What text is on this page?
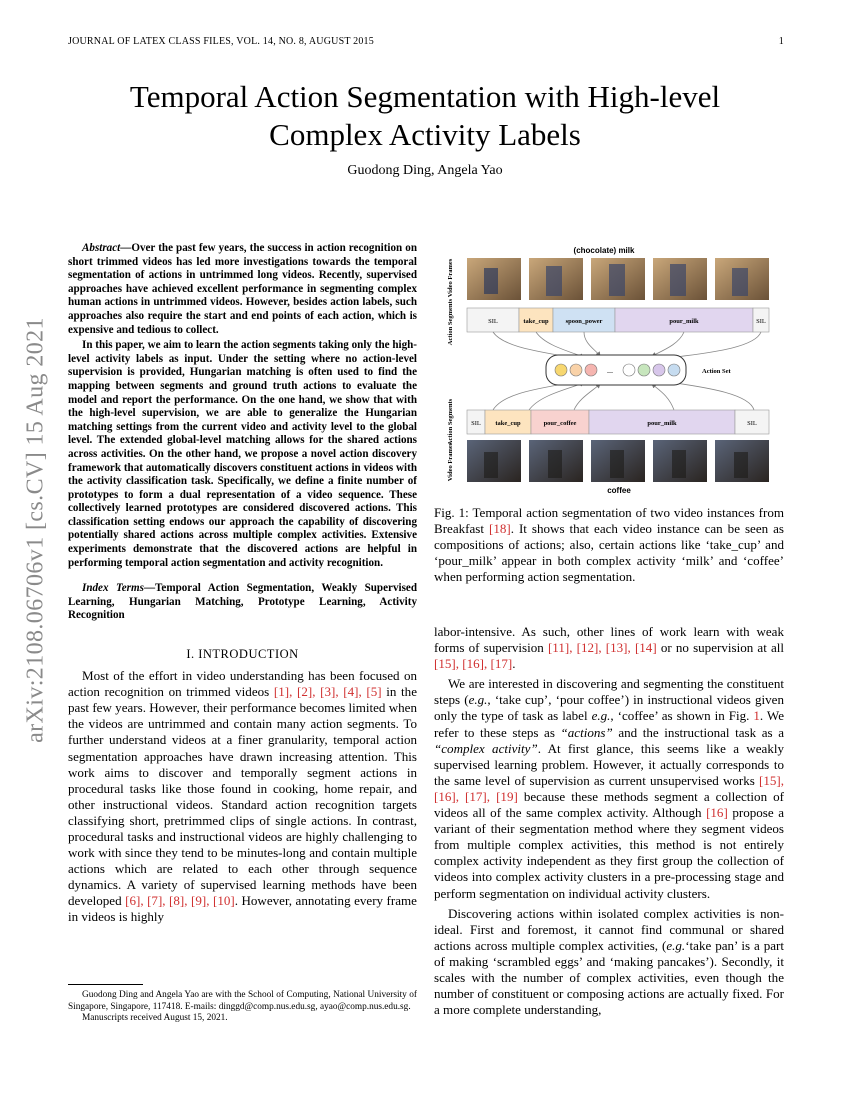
JOURNAL OF LATEX CLASS FILES, VOL. 14, NO. 8, AUGUST 2015	1
arXiv:2108.06706v1 [cs.CV] 15 Aug 2021
Temporal Action Segmentation with High-level
Complex Activity Labels
Guodong Ding, Angela Yao

Abstract—Over the past few years, the success in action recognition on short trimmed videos has led more investigations towards the temporal segmentation of actions in untrimmed long videos. Recently, supervised approaches have achieved excellent performance in segmenting complex human actions in untrimmed videos. However, besides action labels, such approaches also require the start and end points of each action, which is expensive and tedious to collect.

In this paper, we aim to learn the action segments taking only the high-level activity labels as input. Under the setting where no action-level supervision is provided, Hungarian matching is often used to find the mapping between segments and ground truth actions to evaluate the model and report the performance. On the one hand, we show that with the high-level supervision, we are able to generalize the Hungarian matching settings from the current video and activity level to the global level. The extended global-level matching allows for the shared actions across activities. On the other hand, we propose a novel action discovery framework that automatically discovers constituent actions in videos with the activity classification task. Specifically, we define a finite number of prototypes to form a dual representation of a video sequence. These collectively learned prototypes are considered discovered actions. This classification setting endows our approach the capability of discovering potentially shared actions across multiple complex activities. Extensive experiments demonstrate that the discovered actions are helpful in performing temporal action segmentation and activity recognition.

Index Terms—Temporal Action Segmentation, Weakly Supervised Learning, Hungarian Matching, Prototype Learning, Activity Recognition
I. INTRODUCTION

Most of the effort in video understanding has been focused on action recognition on trimmed videos [1], [2], [3], [4], [5] in the past few years. However, their performance becomes limited when the videos are untrimmed and contain many action segments. To further understand videos at a finer granularity, temporal action segmentation approaches have drawn increasing attention. This work aims to discover and temporally segment actions in procedural tasks like those found in cooking, home repair, and other instructional videos. Standard action recognition targets classifying short, pretrimmed clips of single actions. In contrast, procedural tasks and instructional videos are highly challenging to work with since they tend to be minutes-long and contain multiple actions which are related to each other through sequence dynamics. A variety of supervised learning methods have been developed [6], [7], [8], [9], [10]. However, annotating every frame in videos is highly

Guodong Ding and Angela Yao are with the School of Computing, National University of Singapore, Singapore, 117418. E-mails: dinggd@comp.nus.edu.sg, ayao@comp.nus.edu.sg.

Manuscripts received August 15, 2021.

(chocolate) milk
Video Frames
Action Segments	SIL	take_cup	spoon_power	pour_milk	SIL
...	Action Set
Action Segments
Video Frames
SIL take_cup	pour_coffee	pour_milk	SIL
coffee
Fig. 1: Temporal action segmentation of two video instances from Breakfast [18]. It shows that each video instance can be seen as compositions of actions; also, certain actions like ‘take_cup’ and ‘pour_milk’ appear in both complex activity ‘milk’ and ‘coffee’ when performing action segmentation.

labor-intensive. As such, other lines of work learn with weak forms of supervision [11], [12], [13], [14] or no supervision at all [15], [16], [17].

We are interested in discovering and segmenting the constituent steps (e.g., ‘take cup’, ‘pour coffee’) in instructional videos given only the type of task as label e.g., ‘coffee’ as shown in Fig. 1. We refer to these steps as “actions” and the instructional task as a “complex activity”. At first glance, this seems like a weakly supervised learning problem. However, it actually corresponds to the same level of supervision as current unsupervised works [15], [16], [17], [19] because these methods segment a collection of videos all of the same complex activity. Although [16] propose a variant of their segmentation method where they segment videos from multiple complex activities, this method is not entirely complex activity independent as they first group the collection of videos into complex activity clusters in a pre-processing stage and perform segmentation on individual activity clusters.

Discovering actions within isolated complex activities is non-ideal. First and foremost, it cannot find communal or shared actions across multiple complex activities, (e.g.‘take pan’ is a part of making ‘scrambled eggs’ and ‘making pancakes’). Secondly, it scales with the number of complex activities, even though the number of constituent or composing actions are actually fixed. For a more complete understanding,
